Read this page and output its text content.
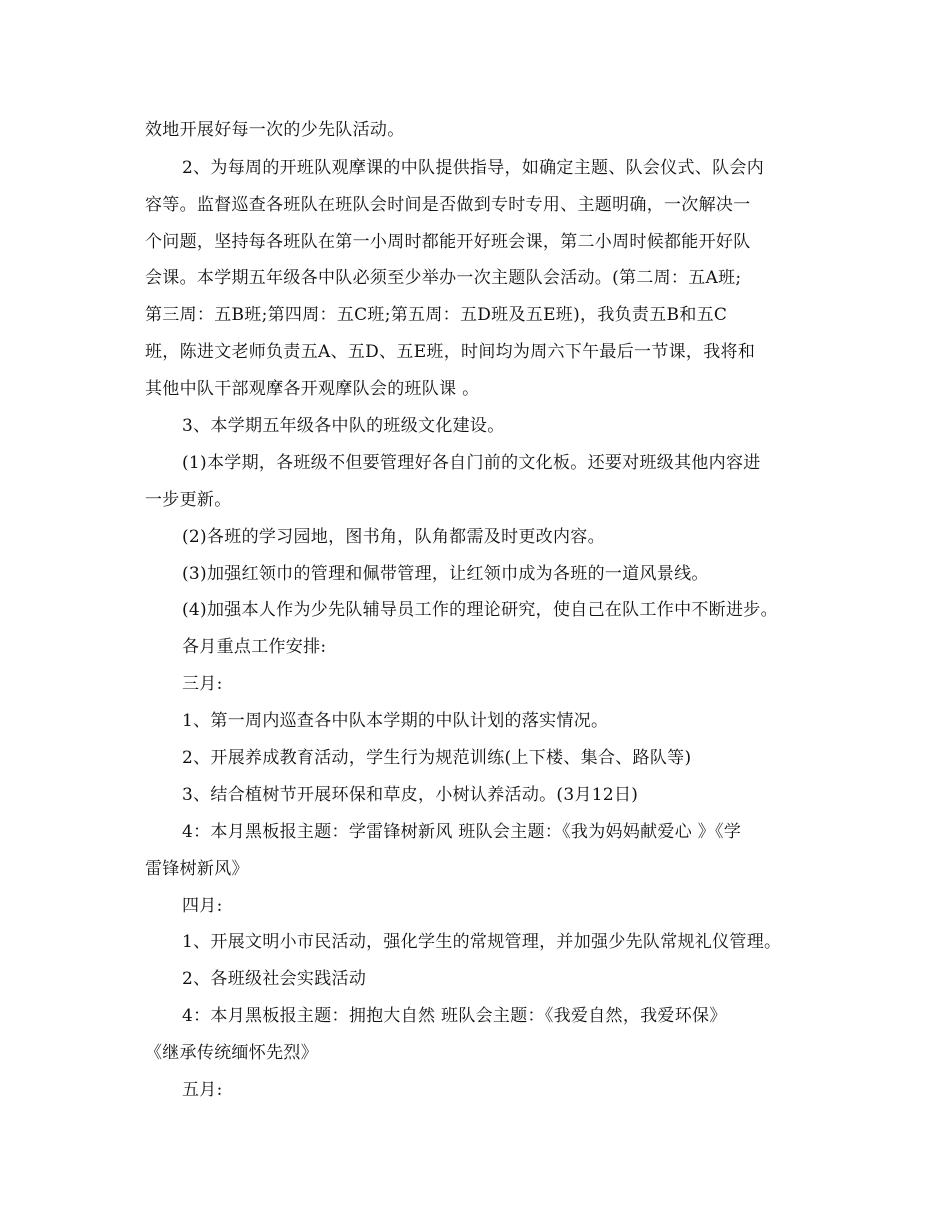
效地开展好每一次的少先队活动。
2、为每周的开班队观摩课的中队提供指导，如确定主题、队会仪式、队会内
容等。监督巡查各班队在班队会时间是否做到专时专用、主题明确，一次解决一
个问题，坚持每各班队在第一小周时都能开好班会课，第二小周时候都能开好队
会课。本学期五年级各中队必须至少举办一次主题队会活动。(第二周：五A班;
第三周：五B班;第四周：五C班;第五周：五D班及五E班)，我负责五B和五C
班，陈进文老师负责五A、五D、五E班，时间均为周六下午最后一节课，我将和
其他中队干部观摩各开观摩队会的班队课 。
3、本学期五年级各中队的班级文化建设。
(1)本学期，各班级不但要管理好各自门前的文化板。还要对班级其他内容进
一步更新。
(2)各班的学习园地，图书角，队角都需及时更改内容。
(3)加强红领巾的管理和佩带管理，让红领巾成为各班的一道风景线。
(4)加强本人作为少先队辅导员工作的理论研究，使自己在队工作中不断进步。
各月重点工作安排:
三月:
1、第一周内巡查各中队本学期的中队计划的落实情况。
2、开展养成教育活动，学生行为规范训练(上下楼、集合、路队等)
3、结合植树节开展环保和草皮，小树认养活动。(3月12日)
4：本月黑板报主题：学雷锋树新风 班队会主题：《我为妈妈献爱心 》《学
雷锋树新风》
四月:
1、开展文明小市民活动，强化学生的常规管理，并加强少先队常规礼仪管理。
2、各班级社会实践活动
4：本月黑板报主题：拥抱大自然 班队会主题：《我爱自然，我爱环保》
《继承传统缅怀先烈》
五月:
